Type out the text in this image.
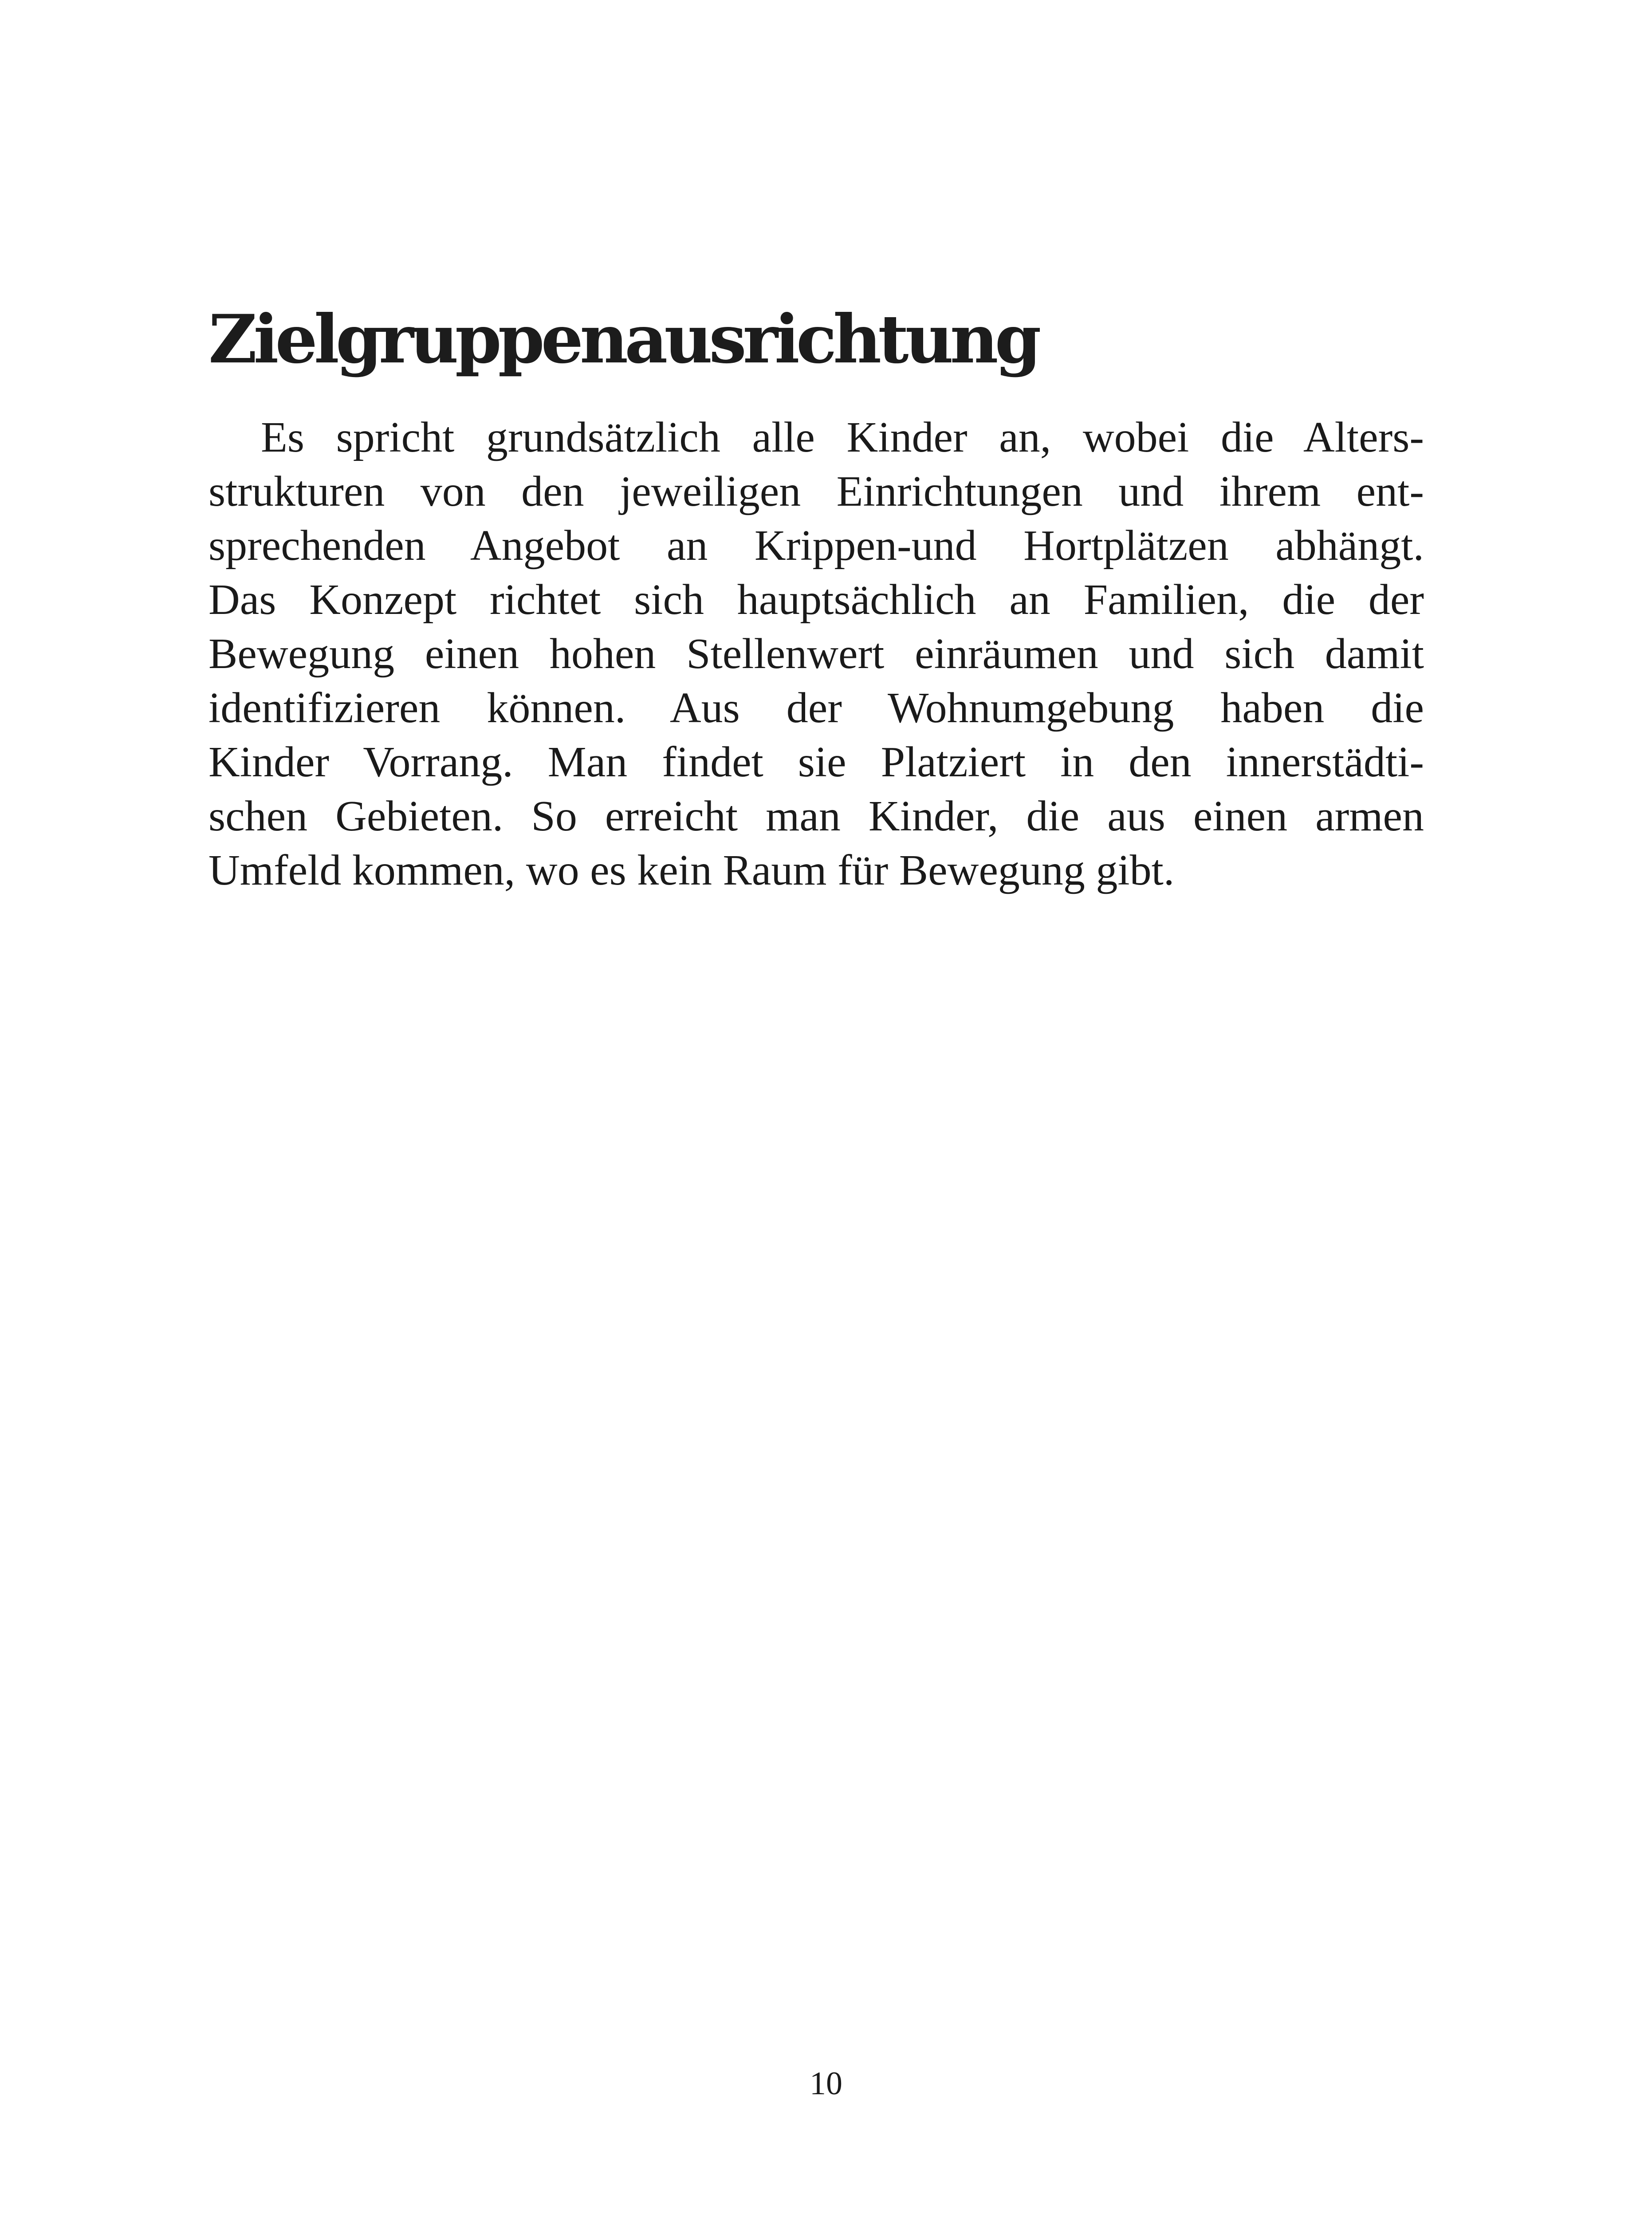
Zielgruppenausrichtung
Es spricht grundsätzlich alle Kinder an, wobei die Alters-
strukturen von den jeweiligen Einrichtungen und ihrem ent-
sprechenden Angebot an Krippen-und Hortplätzen abhängt.
Das Konzept richtet sich hauptsächlich an Familien, die der
Bewegung einen hohen Stellenwert einräumen und sich damit
identifizieren können. Aus der Wohnumgebung haben die
Kinder Vorrang. Man findet sie Platziert in den innerstädti-
schen Gebieten. So erreicht man Kinder, die aus einen armen
Umfeld kommen, wo es kein Raum für Bewegung gibt.
10
